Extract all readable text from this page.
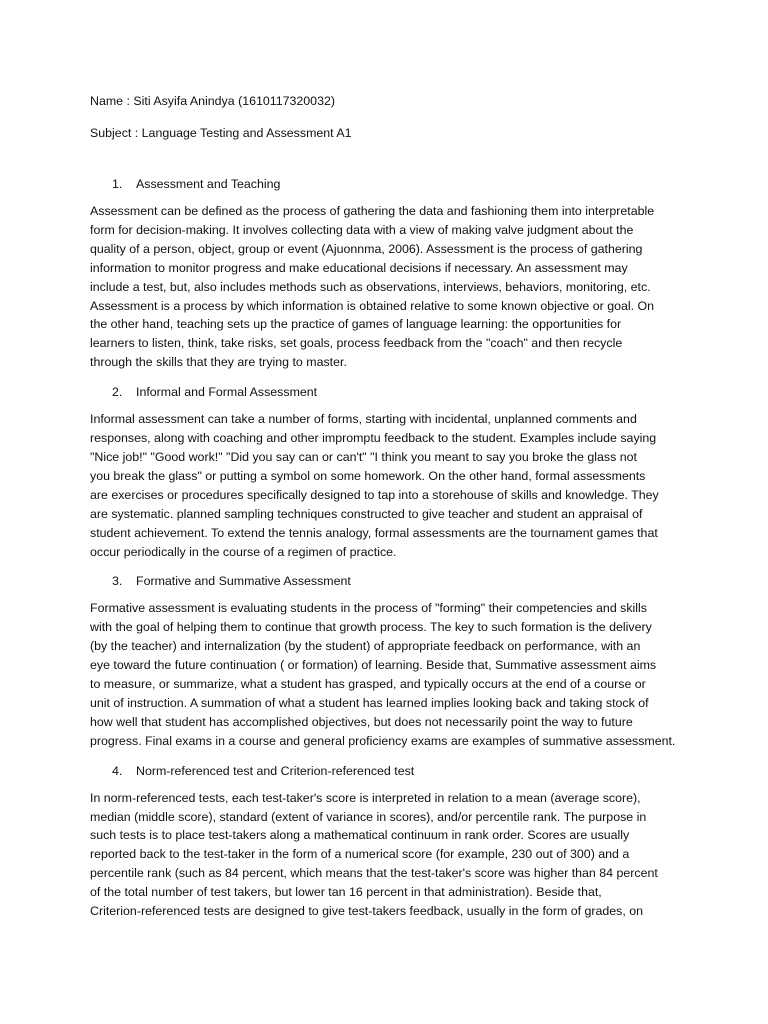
Name : Siti Asyifa Anindya (1610117320032)

Subject : Language Testing and Assessment A1

1. Assessment and Teaching

Assessment can be defined as the process of gathering the data and fashioning them into interpretable
form for decision-making. It involves collecting data with a view of making valve judgment about the
quality of a person, object, group or event (Ajuonnma, 2006). Assessment is the process of gathering
information to monitor progress and make educational decisions if necessary. An assessment may
include a test, but, also includes methods such as observations, interviews, behaviors, monitoring, etc.
Assessment is a process by which information is obtained relative to some known objective or goal. On
the other hand, teaching sets up the practice of games of language learning: the opportunities for
learners to listen, think, take risks, set goals, process feedback from the "coach" and then recycle
through the skills that they are trying to master.

2. Informal and Formal Assessment

Informal assessment can take a number of forms, starting with incidental, unplanned comments and
responses, along with coaching and other impromptu feedback to the student. Examples include saying
"Nice job!" "Good work!" "Did you say can or can't" "I think you meant to say you broke the glass not
you break the glass" or putting a symbol on some homework. On the other hand, formal assessments
are exercises or procedures specifically designed to tap into a storehouse of skills and knowledge. They
are systematic. planned sampling techniques constructed to give teacher and student an appraisal of
student achievement. To extend the tennis analogy, formal assessments are the tournament games that
occur periodically in the course of a regimen of practice.

3. Formative and Summative Assessment

Formative assessment is evaluating students in the process of "forming" their competencies and skills
with the goal of helping them to continue that growth process. The key to such formation is the delivery
(by the teacher) and internalization (by the student) of appropriate feedback on performance, with an
eye toward the future continuation ( or formation) of learning. Beside that, Summative assessment aims
to measure, or summarize, what a student has grasped, and typically occurs at the end of a course or
unit of instruction. A summation of what a student has learned implies looking back and taking stock of
how well that student has accomplished objectives, but does not necessarily point the way to future
progress. Final exams in a course and general proficiency exams are examples of summative assessment.

4. Norm-referenced test and Criterion-referenced test

In norm-referenced tests, each test-taker's score is interpreted in relation to a mean (average score),
median (middle score), standard (extent of variance in scores), and/or percentile rank. The purpose in
such tests is to place test-takers along a mathematical continuum in rank order. Scores are usually
reported back to the test-taker in the form of a numerical score (for example, 230 out of 300) and a
percentile rank (such as 84 percent, which means that the test-taker's score was higher than 84 percent
of the total number of test takers, but lower tan 16 percent in that administration). Beside that,
Criterion-referenced tests are designed to give test-takers feedback, usually in the form of grades, on
